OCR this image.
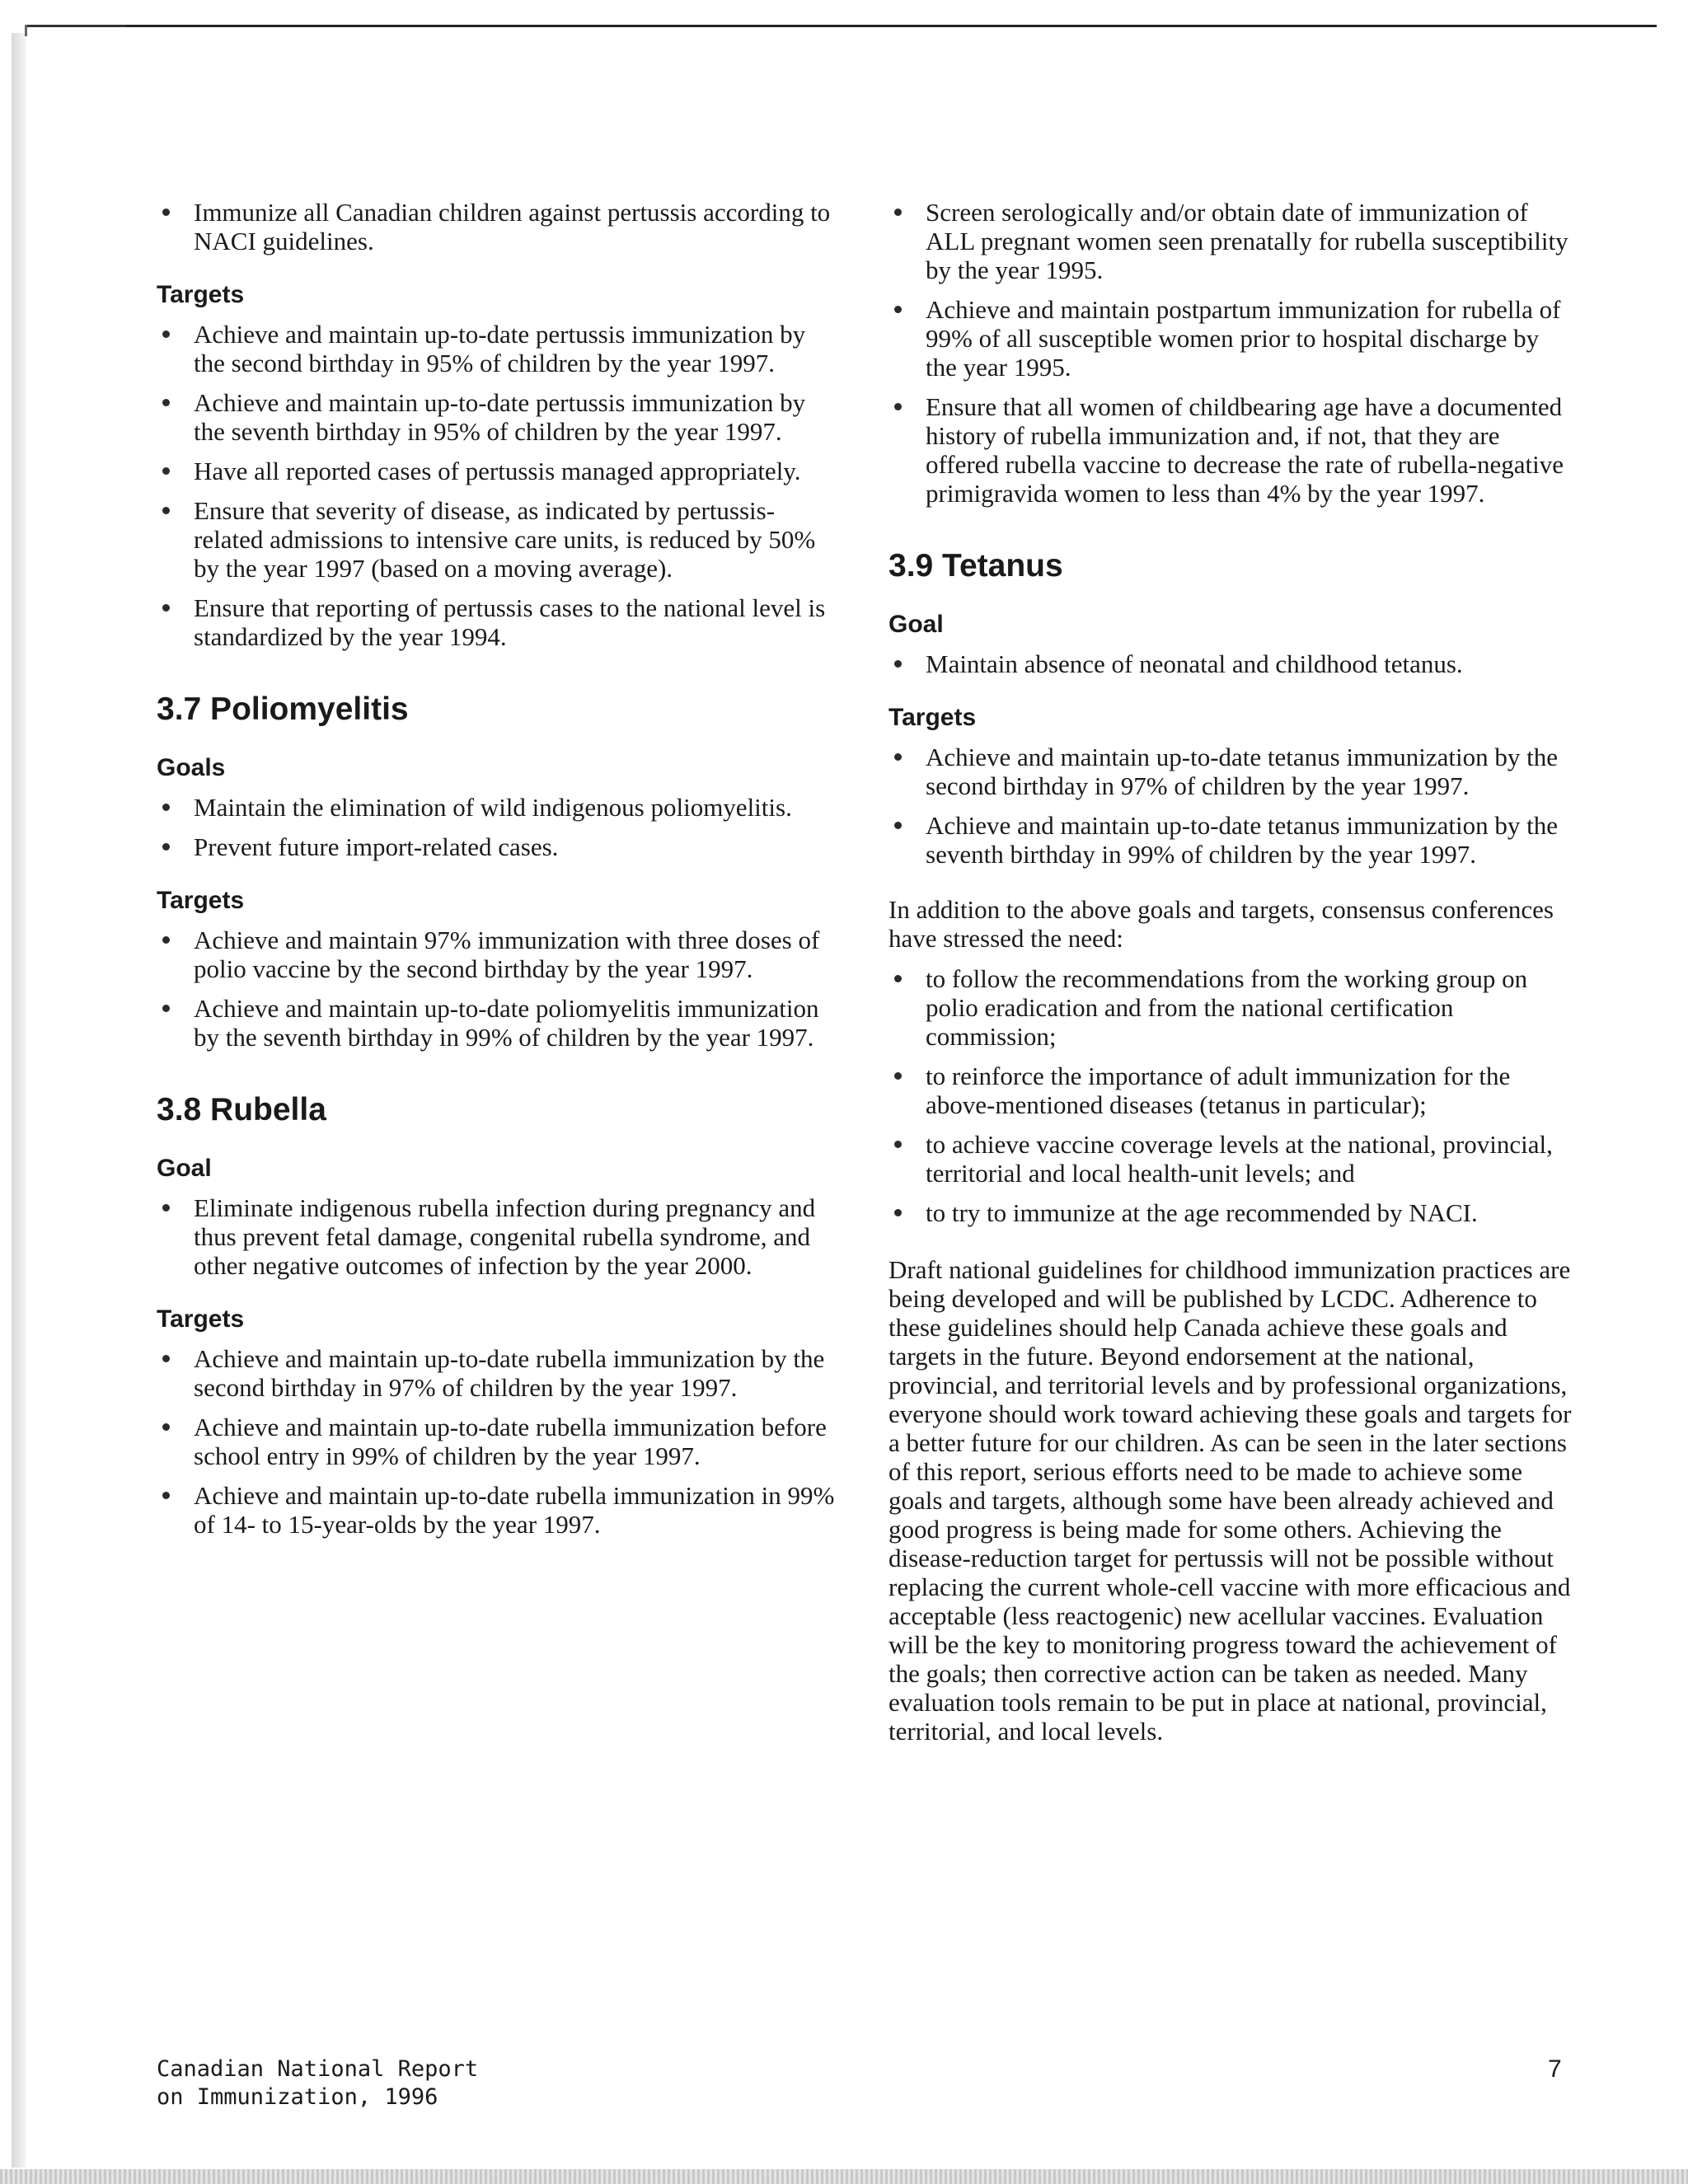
Immunize all Canadian children against pertussis according to NACI guidelines.
Targets
Achieve and maintain up-to-date pertussis immunization by the second birthday in 95% of children by the year 1997.
Achieve and maintain up-to-date pertussis immunization by the seventh birthday in 95% of children by the year 1997.
Have all reported cases of pertussis managed appropriately.
Ensure that severity of disease, as indicated by pertussis-related admissions to intensive care units, is reduced by 50% by the year 1997 (based on a moving average).
Ensure that reporting of pertussis cases to the national level is standardized by the year 1994.
3.7 Poliomyelitis
Goals
Maintain the elimination of wild indigenous poliomyelitis.
Prevent future import-related cases.
Targets
Achieve and maintain 97% immunization with three doses of polio vaccine by the second birthday by the year 1997.
Achieve and maintain up-to-date poliomyelitis immunization by the seventh birthday in 99% of children by the year 1997.
3.8 Rubella
Goal
Eliminate indigenous rubella infection during pregnancy and thus prevent fetal damage, congenital rubella syndrome, and other negative outcomes of infection by the year 2000.
Targets
Achieve and maintain up-to-date rubella immunization by the second birthday in 97% of children by the year 1997.
Achieve and maintain up-to-date rubella immunization before school entry in 99% of children by the year 1997.
Achieve and maintain up-to-date rubella immunization in 99% of 14- to 15-year-olds by the year 1997.
Screen serologically and/or obtain date of immunization of ALL pregnant women seen prenatally for rubella susceptibility by the year 1995.
Achieve and maintain postpartum immunization for rubella of 99% of all susceptible women prior to hospital discharge by the year 1995.
Ensure that all women of childbearing age have a documented history of rubella immunization and, if not, that they are offered rubella vaccine to decrease the rate of rubella-negative primigravida women to less than 4% by the year 1997.
3.9 Tetanus
Goal
Maintain absence of neonatal and childhood tetanus.
Targets
Achieve and maintain up-to-date tetanus immunization by the second birthday in 97% of children by the year 1997.
Achieve and maintain up-to-date tetanus immunization by the seventh birthday in 99% of children by the year 1997.

In addition to the above goals and targets, consensus conferences have stressed the need:

to follow the recommendations from the working group on polio eradication and from the national certification commission;
to reinforce the importance of adult immunization for the above-mentioned diseases (tetanus in particular);
to achieve vaccine coverage levels at the national, provincial, territorial and local health-unit levels; and
to try to immunize at the age recommended by NACI.

Draft national guidelines for childhood immunization practices are being developed and will be published by LCDC. Adherence to these guidelines should help Canada achieve these goals and targets in the future. Beyond endorsement at the national, provincial, and territorial levels and by professional organizations, everyone should work toward achieving these goals and targets for a better future for our children. As can be seen in the later sections of this report, serious efforts need to be made to achieve some goals and targets, although some have been already achieved and good progress is being made for some others. Achieving the disease-reduction target for pertussis will not be possible without replacing the current whole-cell vaccine with more efficacious and acceptable (less reactogenic) new acellular vaccines. Evaluation will be the key to monitoring progress toward the achievement of the goals; then corrective action can be taken as needed. Many evaluation tools remain to be put in place at national, provincial, territorial, and local levels.

Canadian National Report
on Immunization, 1996
7
